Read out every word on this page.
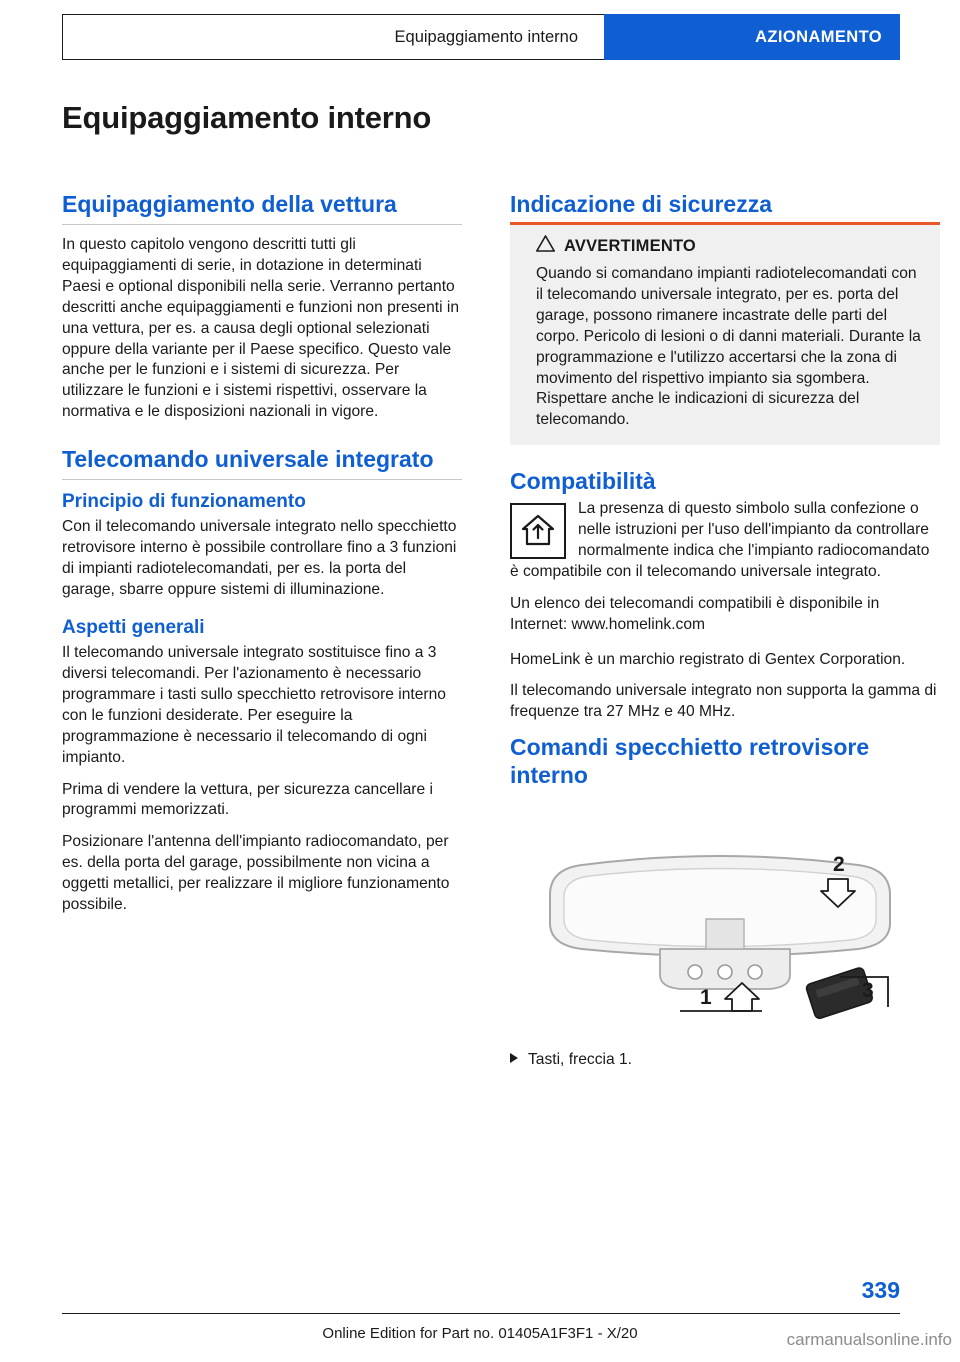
Equipaggiamento interno	AZIONAMENTO
Equipaggiamento interno
Equipaggiamento della vettura

In questo capitolo vengono descritti tutti gli equipaggiamenti di serie, in dotazione in determinati Paesi e optional disponibili nella serie. Verranno pertanto descritti anche equipaggiamenti e funzioni non presenti in una vettura, per es. a causa degli optional selezionati oppure della variante per il Paese specifico. Questo vale anche per le funzioni e i sistemi di sicurezza. Per utilizzare le funzioni e i sistemi rispettivi, osservare la normativa e le disposizioni nazionali in vigore.

Telecomando universale integrato
Principio di funzionamento

Con il telecomando universale integrato nello specchietto retrovisore interno è possibile controllare fino a 3 funzioni di impianti radiotelecomandati, per es. la porta del garage, sbarre oppure sistemi di illuminazione.

Aspetti generali

Il telecomando universale integrato sostituisce fino a 3 diversi telecomandi. Per l'azionamento è necessario programmare i tasti sullo specchietto retrovisore interno con le funzioni desiderate. Per eseguire la programmazione è necessario il telecomando di ogni impianto.

Prima di vendere la vettura, per sicurezza cancellare i programmi memorizzati.

Posizionare l'antenna dell'impianto radiocomandato, per es. della porta del garage, possibilmente non vicina a oggetti metallici, per realizzare il migliore funzionamento possibile.

Indicazione di sicurezza
AVVERTIMENTO

Quando si comandano impianti radiotelecomandati con il telecomando universale integrato, per es. porta del garage, possono rimanere incastrate delle parti del corpo. Pericolo di lesioni o di danni materiali. Durante la programmazione e l'utilizzo accertarsi che la zona di movimento del rispettivo impianto sia sgombera. Rispettare anche le indicazioni di sicurezza del telecomando.

Compatibilità

La presenza di questo simbolo sulla confezione o nelle istruzioni per l'uso dell'impianto da controllare normalmente indica che l'impianto radiocomandato è compatibile con il telecomando universale integrato.

Un elenco dei telecomandi compatibili è disponibile in Internet: www.homelink.com

HomeLink è un marchio registrato di Gentex Corporation.

Il telecomando universale integrato non supporta la gamma di frequenze tra 27 MHz e 40 MHz.

Comandi specchietto retrovisore interno
2
1	3
Tasti, freccia 1.
339
Online Edition for Part no. 01405A1F3F1 - X/20	carmanualsonline.info
